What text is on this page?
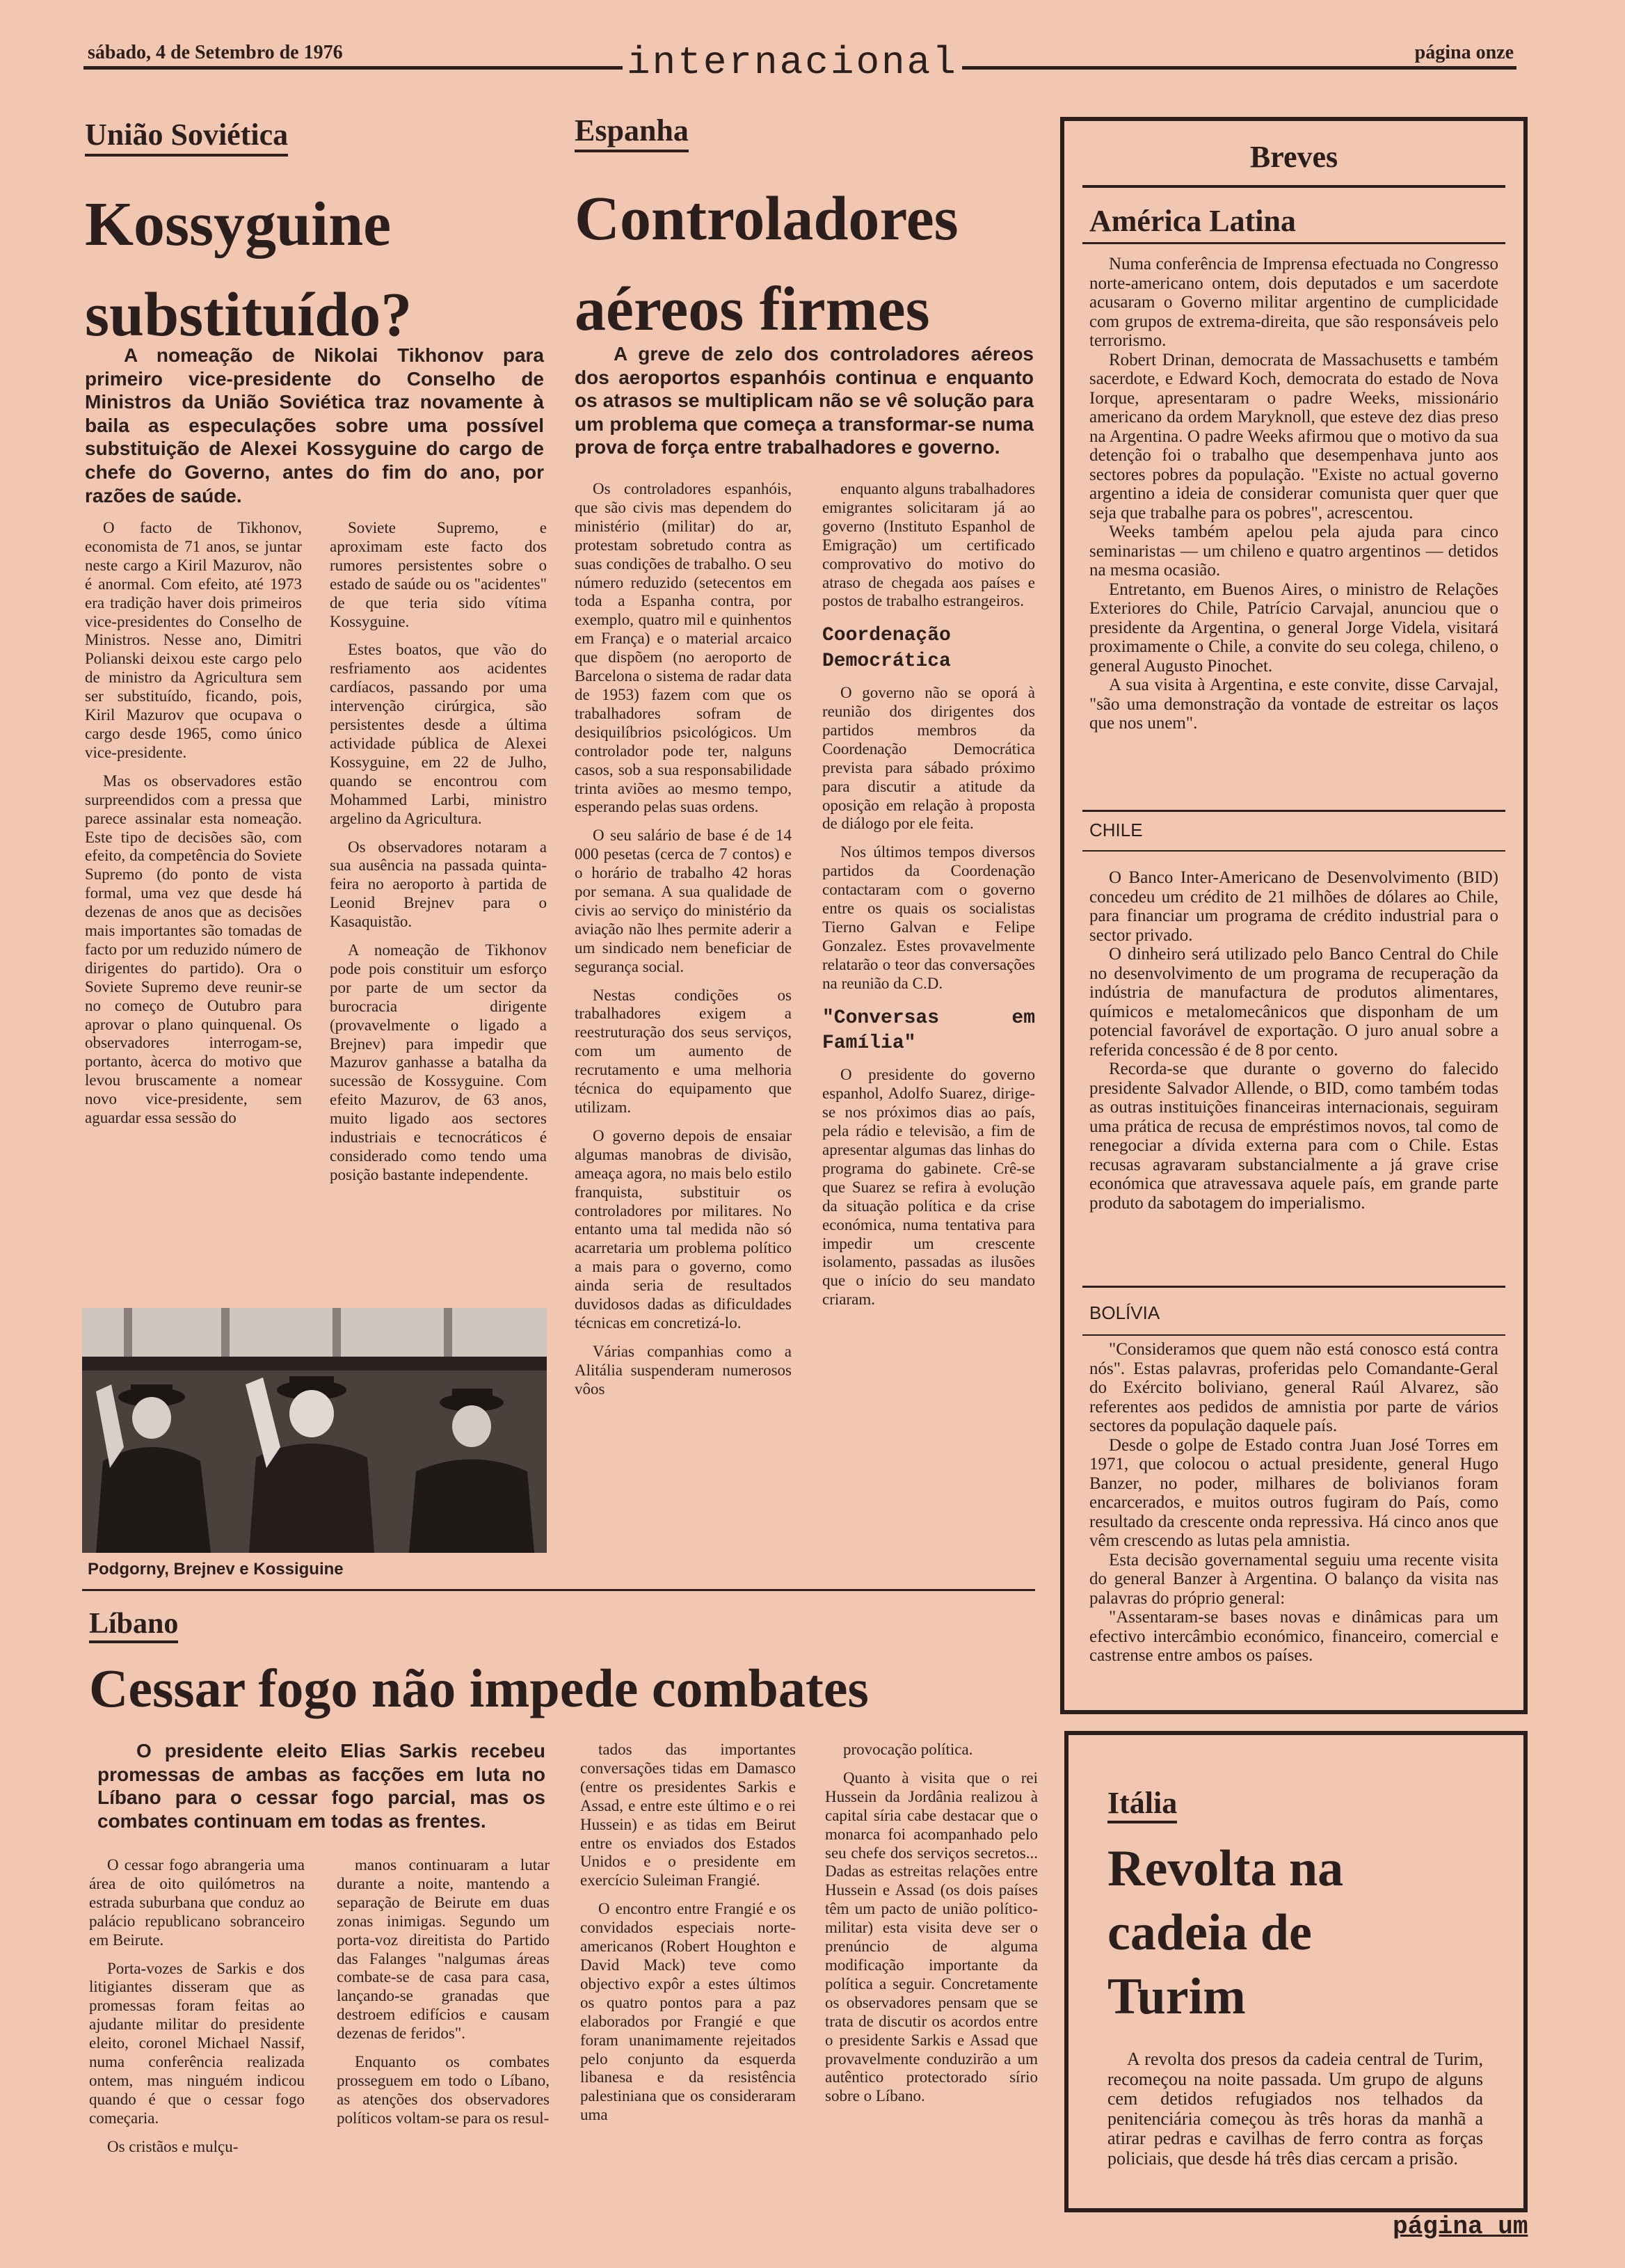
sábado, 4 de Setembro de 1976	internacional	página onze
União Soviética
Kossyguine substituído?

A nomeação de Nikolai Tikhonov para primeiro vice-presidente do Conselho de Ministros da União Soviética traz novamente à baila as especulações sobre uma possível substituição de Alexei Kossyguine do cargo de chefe do Governo, antes do fim do ano, por razões de saúde.

O facto de Tikhonov, economista de 71 anos, se juntar neste cargo a Kiril Mazurov, não é anormal. Com efeito, até 1973 era tradição haver dois primeiros vice-presidentes do Conselho de Ministros. Nesse ano, Dimitri Polianski deixou este cargo pelo de ministro da Agricultura sem ser substituído, ficando, pois, Kiril Mazurov que ocupava o cargo desde 1965, como único vice-presidente.

Mas os observadores estão surpreendidos com a pressa que parece assinalar esta nomeação. Este tipo de decisões são, com efeito, da competência do Soviete Supremo (do ponto de vista formal, uma vez que desde há dezenas de anos que as decisões mais importantes são tomadas de facto por um reduzido número de dirigentes do partido). Ora o Soviete Supremo deve reunir-se no começo de Outubro para aprovar o plano quinquenal. Os observadores interrogam-se, portanto, àcerca do motivo que levou bruscamente a nomear novo vice-presidente, sem aguardar essa sessão do

Soviete Supremo, e aproximam este facto dos rumores persistentes sobre o estado de saúde ou os "acidentes" de que teria sido vítima Kossyguine.

Estes boatos, que vão do resfriamento aos acidentes cardíacos, passando por uma intervenção cirúrgica, são persistentes desde a última actividade pública de Alexei Kossyguine, em 22 de Julho, quando se encontrou com Mohammed Larbi, ministro argelino da Agricultura.

Os observadores notaram a sua ausência na passada quinta-feira no aeroporto à partida de Leonid Brejnev para o Kasaquistão.

A nomeação de Tikhonov pode pois constituir um esforço por parte de um sector da burocracia dirigente (provavelmente o ligado a Brejnev) para impedir que Mazurov ganhasse a batalha da sucessão de Kossyguine. Com efeito Mazurov, de 63 anos, muito ligado aos sectores industriais e tecnocráticos é considerado como tendo uma posição bastante independente.

Podgorny, Brejnev e Kossiguine
Espanha
Controladores aéreos firmes

A greve de zelo dos controladores aéreos dos aeroportos espanhóis continua e enquanto os atrasos se multiplicam não se vê solução para um problema que começa a transformar-se numa prova de força entre trabalhadores e governo.

Os controladores espanhóis, que são civis mas dependem do ministério (militar) do ar, protestam sobretudo contra as suas condições de trabalho. O seu número reduzido (setecentos em toda a Espanha contra, por exemplo, quatro mil e quinhentos em França) e o material arcaico que dispõem (no aeroporto de Barcelona o sistema de radar data de 1953) fazem com que os trabalhadores sofram de desiquilíbrios psicológicos. Um controlador pode ter, nalguns casos, sob a sua responsabilidade trinta aviões ao mesmo tempo, esperando pelas suas ordens.

O seu salário de base é de 14 000 pesetas (cerca de 7 contos) e o horário de trabalho 42 horas por semana. A sua qualidade de civis ao serviço do ministério da aviação não lhes permite aderir a um sindicado nem beneficiar de segurança social.

Nestas condições os trabalhadores exigem a reestruturação dos seus serviços, com um aumento de recrutamento e uma melhoria técnica do equipamento que utilizam.

O governo depois de ensaiar algumas manobras de divisão, ameaça agora, no mais belo estilo franquista, substituir os controladores por militares. No entanto uma tal medida não só acarretaria um problema político a mais para o governo, como ainda seria de resultados duvidosos dadas as dificuldades técnicas em concretizá-lo.

Várias companhias como a Alitália suspenderam numerosos vôos

enquanto alguns trabalhadores emigrantes solicitaram já ao governo (Instituto Espanhol de Emigração) um certificado comprovativo do motivo do atraso de chegada aos países e postos de trabalho estrangeiros.

Coordenação Democrática

O governo não se oporá à reunião dos dirigentes dos partidos membros da Coordenação Democrática prevista para sábado próximo para discutir a atitude da oposição em relação à proposta de diálogo por ele feita.

Nos últimos tempos diversos partidos da Coordenação contactaram com o governo entre os quais os socialistas Tierno Galvan e Felipe Gonzalez. Estes provavelmente relatarão o teor das conversações na reunião da C.D.

"Conversas em Família"

O presidente do governo espanhol, Adolfo Suarez, dirige-se nos próximos dias ao país, pela rádio e televisão, a fim de apresentar algumas das linhas do programa do gabinete. Crê-se que Suarez se refira à evolução da situação política e da crise económica, numa tentativa para impedir um crescente isolamento, passadas as ilusões que o início do seu mandato criaram.

Breves
América Latina

Numa conferência de Imprensa efectuada no Congresso norte-americano ontem, dois deputados e um sacerdote acusaram o Governo militar argentino de cumplicidade com grupos de extrema-direita, que são responsáveis pelo terrorismo.

Robert Drinan, democrata de Massachusetts e também sacerdote, e Edward Koch, democrata do estado de Nova Iorque, apresentaram o padre Weeks, missionário americano da ordem Maryknoll, que esteve dez dias preso na Argentina. O padre Weeks afirmou que o motivo da sua detenção foi o trabalho que desempenhava junto aos sectores pobres da população. "Existe no actual governo argentino a ideia de considerar comunista quer quer que seja que trabalhe para os pobres", acrescentou.

Weeks também apelou pela ajuda para cinco seminaristas — um chileno e quatro argentinos — detidos na mesma ocasião.

Entretanto, em Buenos Aires, o ministro de Relações Exteriores do Chile, Patrício Carvajal, anunciou que o presidente da Argentina, o general Jorge Videla, visitará proximamente o Chile, a convite do seu colega, chileno, o general Augusto Pinochet.

A sua visita à Argentina, e este convite, disse Carvajal, "são uma demonstração da vontade de estreitar os laços que nos unem".

CHILE

O Banco Inter-Americano de Desenvolvimento (BID) concedeu um crédito de 21 milhões de dólares ao Chile, para financiar um programa de crédito industrial para o sector privado.

O dinheiro será utilizado pelo Banco Central do Chile no desenvolvimento de um programa de recuperação da indústria de manufactura de produtos alimentares, químicos e metalomecânicos que disponham de um potencial favorável de exportação. O juro anual sobre a referida concessão é de 8 por cento.

Recorda-se que durante o governo do falecido presidente Salvador Allende, o BID, como também todas as outras instituições financeiras internacionais, seguiram uma prática de recusa de empréstimos novos, tal como de renegociar a dívida externa para com o Chile. Estas recusas agravaram substancialmente a já grave crise económica que atravessava aquele país, em grande parte produto da sabotagem do imperialismo.

BOLÍVIA

"Consideramos que quem não está conosco está contra nós". Estas palavras, proferidas pelo Comandante-Geral do Exército boliviano, general Raúl Alvarez, são referentes aos pedidos de amnistia por parte de vários sectores da população daquele país.

Desde o golpe de Estado contra Juan José Torres em 1971, que colocou o actual presidente, general Hugo Banzer, no poder, milhares de bolivianos foram encarcerados, e muitos outros fugiram do País, como resultado da crescente onda repressiva. Há cinco anos que vêm crescendo as lutas pela amnistia.

Esta decisão governamental seguiu uma recente visita do general Banzer à Argentina. O balanço da visita nas palavras do próprio general:

"Assentaram-se bases novas e dinâmicas para um efectivo intercâmbio económico, financeiro, comercial e castrense entre ambos os países.

Líbano
Cessar fogo não impede combates

O presidente eleito Elias Sarkis recebeu promessas de ambas as facções em luta no Líbano para o cessar fogo parcial, mas os combates continuam em todas as frentes.

O cessar fogo abrangeria uma área de oito quilómetros na estrada suburbana que conduz ao palácio republicano sobranceiro em Beirute.

Porta-vozes de Sarkis e dos litigiantes disseram que as promessas foram feitas ao ajudante militar do presidente eleito, coronel Michael Nassif, numa conferência realizada ontem, mas ninguém indicou quando é que o cessar fogo começaria.

Os cristãos e mulçu-

manos continuaram a lutar durante a noite, mantendo a separação de Beirute em duas zonas inimigas. Segundo um porta-voz direitista do Partido das Falanges "nalgumas áreas combate-se de casa para casa, lançando-se granadas que destroem edifícios e causam dezenas de feridos".

Enquanto os combates prosseguem em todo o Líbano, as atenções dos observadores políticos voltam-se para os resul-

tados das importantes conversações tidas em Damasco (entre os presidentes Sarkis e Assad, e entre este último e o rei Hussein) e as tidas em Beirut entre os enviados dos Estados Unidos e o presidente em exercício Suleiman Frangié.

O encontro entre Frangié e os convidados especiais norte-americanos (Robert Houghton e David Mack) teve como objectivo expôr a estes últimos os quatro pontos para a paz elaborados por Frangié e que foram unanimamente rejeitados pelo conjunto da esquerda libanesa e da resistência palestiniana que os consideraram uma

provocação política.

Quanto à visita que o rei Hussein da Jordânia realizou à capital síria cabe destacar que o monarca foi acompanhado pelo seu chefe dos serviços secretos... Dadas as estreitas relações entre Hussein e Assad (os dois países têm um pacto de união político-militar) esta visita deve ser o prenúncio de alguma modificação importante da política a seguir. Concretamente os observadores pensam que se trata de discutir os acordos entre o presidente Sarkis e Assad que provavelmente conduzirão a um autêntico protectorado sírio sobre o Líbano.

Itália
Revolta na cadeia de Turim

A revolta dos presos da cadeia central de Turim, recomeçou na noite passada. Um grupo de alguns cem detidos refugiados nos telhados da penitenciária começou às três horas da manhã a atirar pedras e cavilhas de ferro contra as forças policiais, que desde há três dias cercam a prisão.

página um
